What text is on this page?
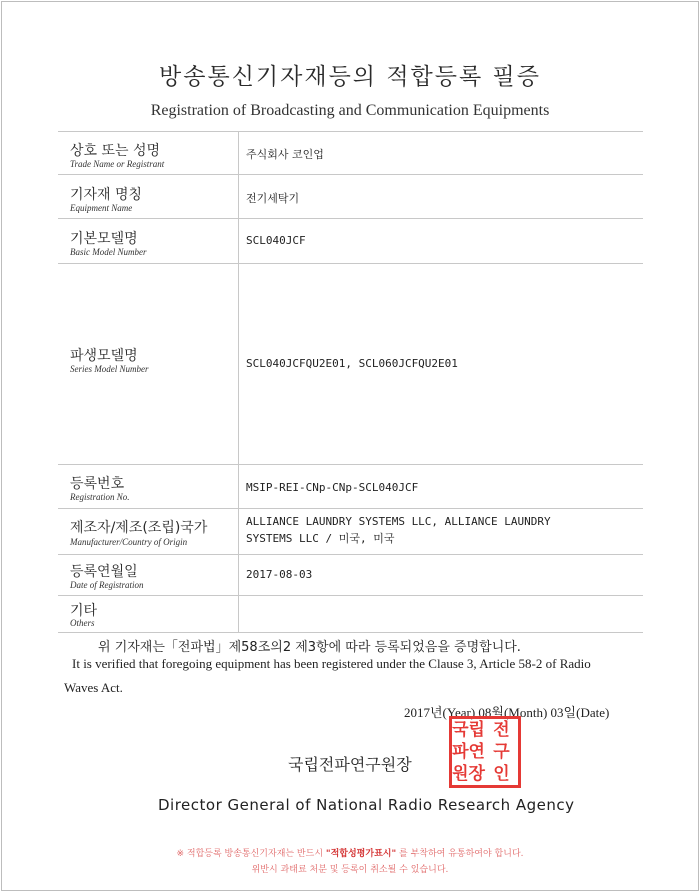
방송통신기자재등의 적합등록 필증
Registration of Broadcasting and Communication Equipments
상호 또는 성명
Trade Name or Registrant
주식회사 코인업
기자재 명칭
Equipment Name
전기세탁기
기본모델명
Basic Model Number
SCL040JCF
파생모델명
Series Model Number	SCL040JCFQU2E01, SCL060JCFQU2E01
등록번호
Registration No.
MSIP-REI-CNp-CNp-SCL040JCF
제조자/제조(조립)국가
Manufacturer/Country of Origin
ALLIANCE LAUNDRY SYSTEMS LLC, ALLIANCE LAUNDRY
SYSTEMS LLC / 미국, 미국
등록연월일
Date of Registration
2017-08-03
기타
Others
위 기자재는「전파법」제58조의2 제3항에 따라 등록되었음을 증명합니다.
It is verified that foregoing equipment has been registered under the Clause 3, Article 58-2 of Radio
Waves Act.
2017년(Year) 08월(Month) 03일(Date)
국립전파연구원장
Director General of National Radio Research Agency
국립 전
파연 구
원장 인
※ 적합등록 방송통신기자재는 반드시 "적합성평가표시" 를 부착하여 유통하여야 합니다.
위반시 과태료 처분 및 등록이 취소될 수 있습니다.
